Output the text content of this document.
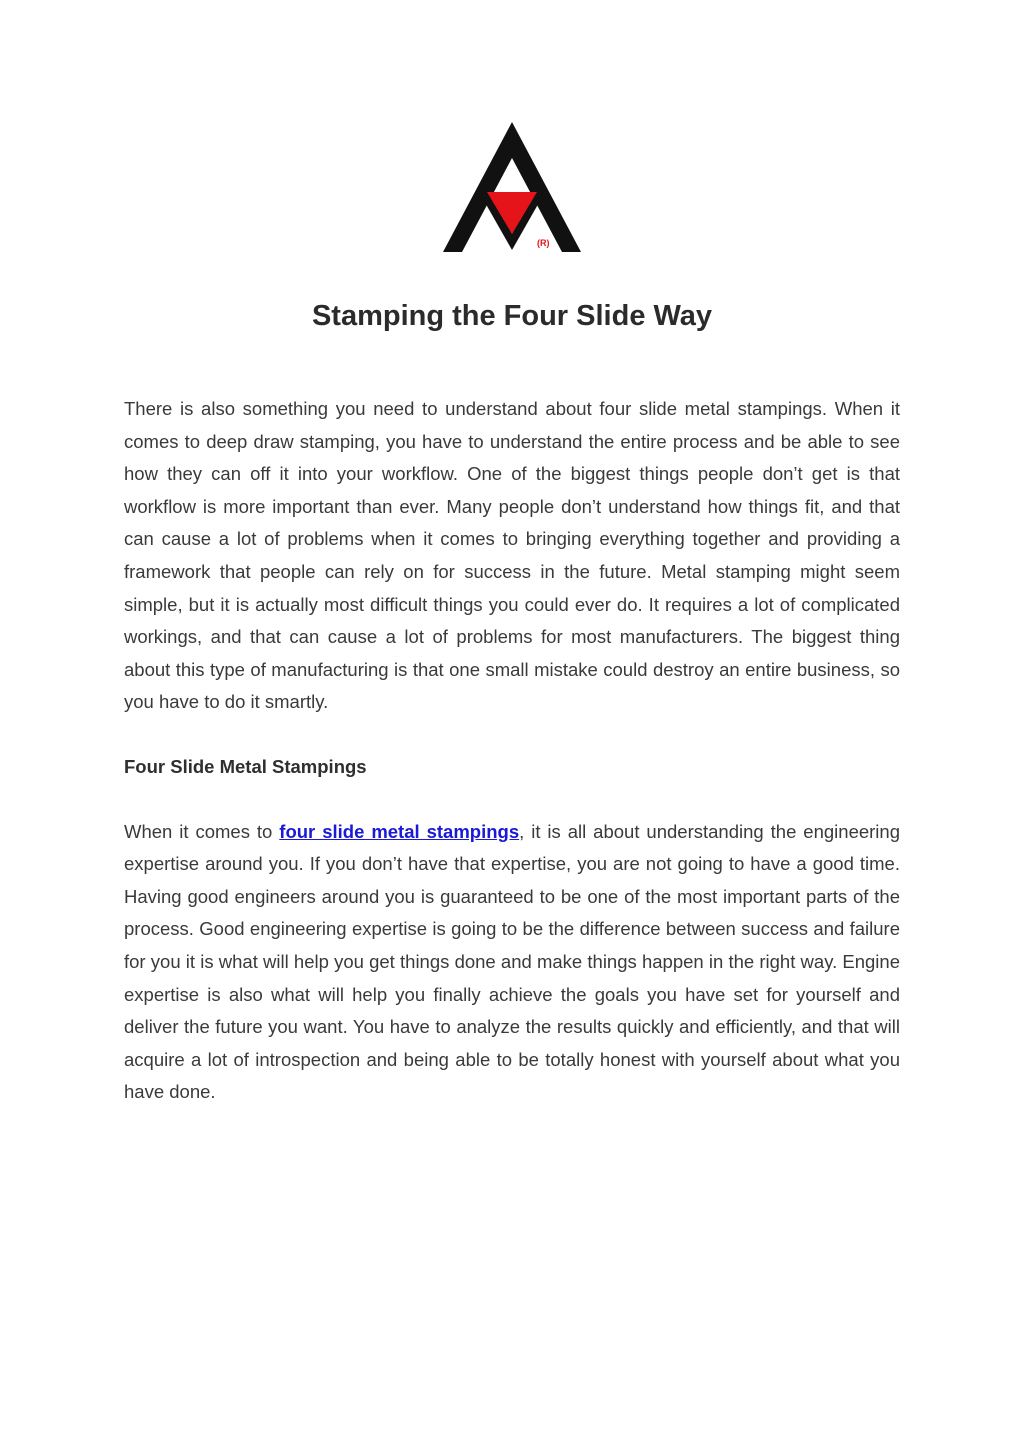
(R)
Stamping the Four Slide Way

There is also something you need to understand about four slide metal stampings. When it comes to deep draw stamping, you have to understand the entire process and be able to see how they can off it into your workflow. One of the biggest things people don’t get is that workflow is more important than ever. Many people don’t understand how things fit, and that can cause a lot of problems when it comes to bringing everything together and providing a framework that people can rely on for success in the future. Metal stamping might seem simple, but it is actually most difficult things you could ever do. It requires a lot of complicated workings, and that can cause a lot of problems for most manufacturers. The biggest thing about this type of manufacturing is that one small mistake could destroy an entire business, so you have to do it smartly.

Four Slide Metal Stampings

When it comes to four slide metal stampings, it is all about understanding the engineering expertise around you. If you don’t have that expertise, you are not going to have a good time. Having good engineers around you is guaranteed to be one of the most important parts of the process. Good engineering expertise is going to be the difference between success and failure for you it is what will help you get things done and make things happen in the right way. Engine expertise is also what will help you finally achieve the goals you have set for yourself and deliver the future you want. You have to analyze the results quickly and efficiently, and that will acquire a lot of introspection and being able to be totally honest with yourself about what you have done.
